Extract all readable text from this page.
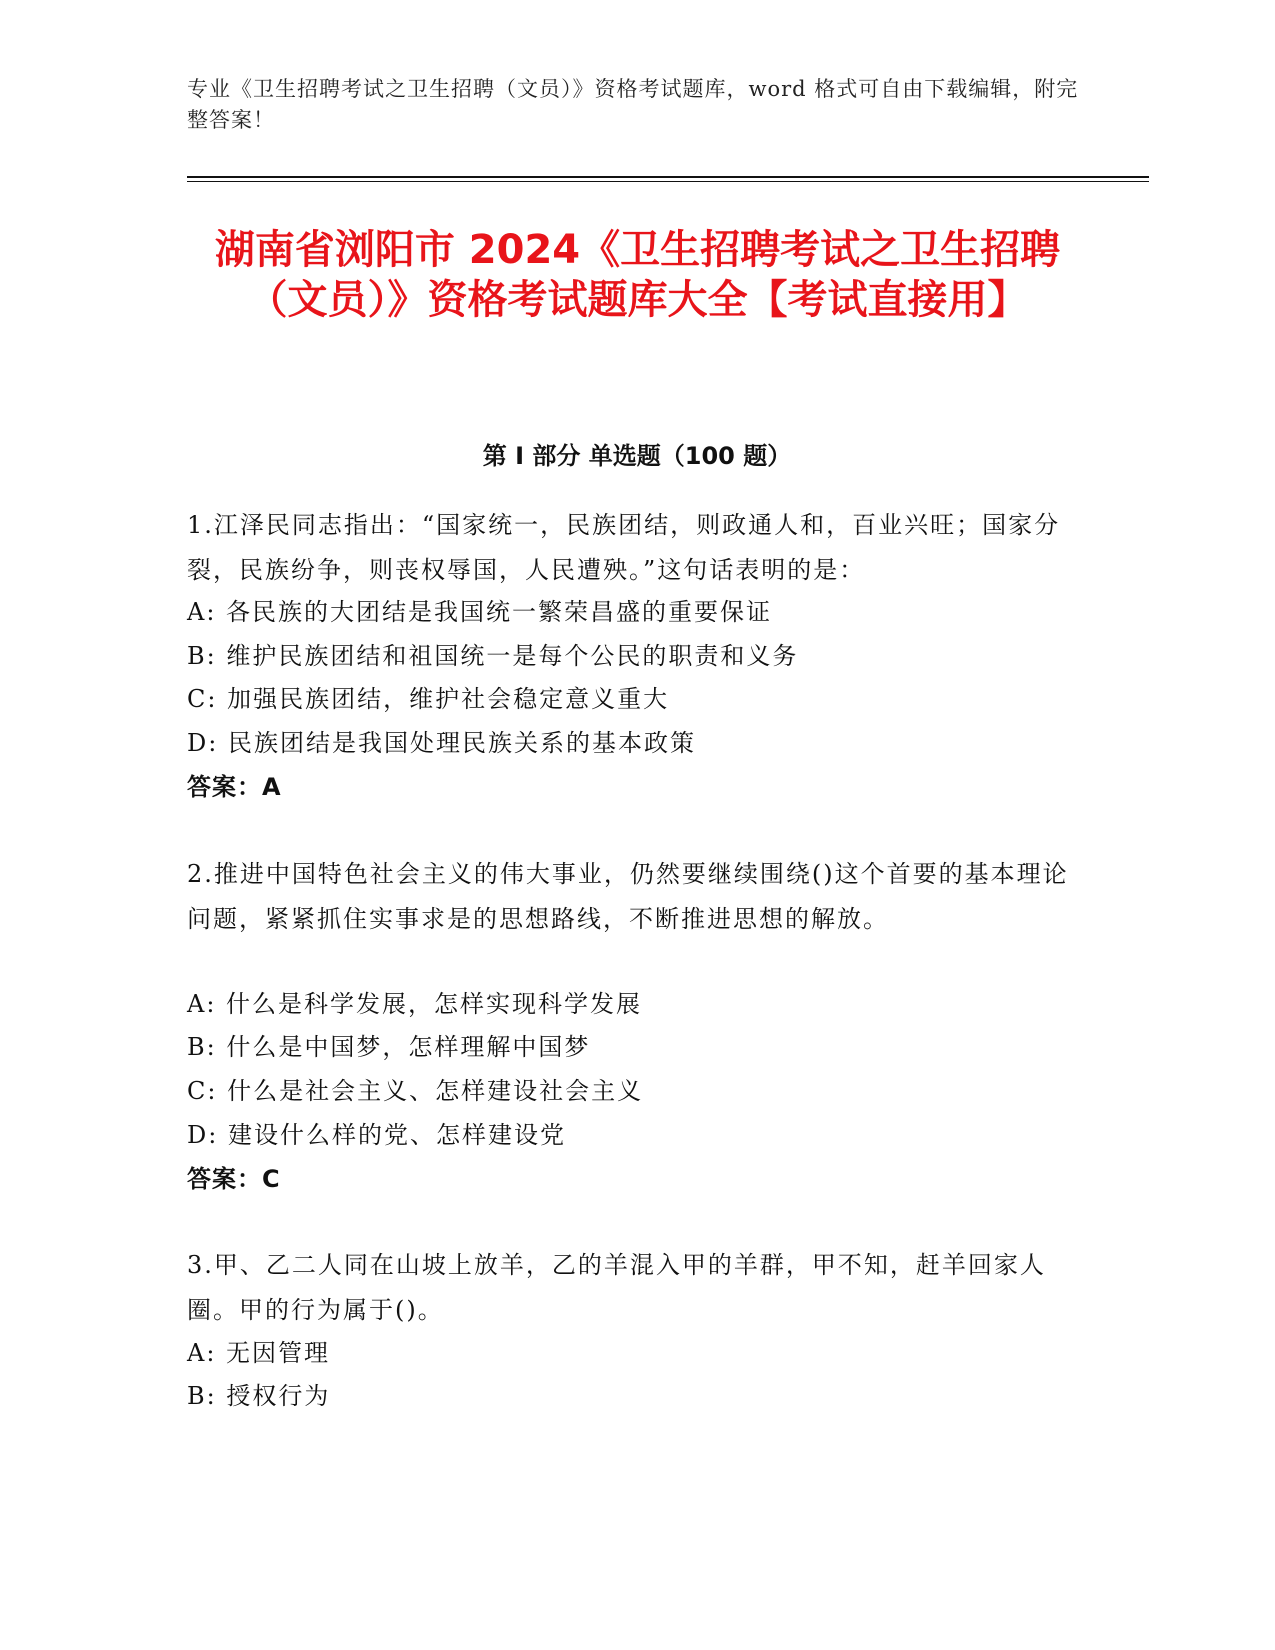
专业《卫生招聘考试之卫生招聘（文员）》资格考试题库，word 格式可自由下载编辑，附完整答案！
湖南省浏阳市 2024《卫生招聘考试之卫生招聘（文员）》资格考试题库大全【考试直接用】
第 I 部分 单选题（100 题）
1.江泽民同志指出：“国家统一，民族团结，则政通人和，百业兴旺；国家分裂，民族纷争，则丧权辱国，人民遭殃。”这句话表明的是：
A: 各民族的大团结是我国统一繁荣昌盛的重要保证
B: 维护民族团结和祖国统一是每个公民的职责和义务
C: 加强民族团结，维护社会稳定意义重大
D: 民族团结是我国处理民族关系的基本政策
答案：A
2.推进中国特色社会主义的伟大事业，仍然要继续围绕()这个首要的基本理论问题，紧紧抓住实事求是的思想路线，不断推进思想的解放。
A: 什么是科学发展，怎样实现科学发展
B: 什么是中国梦，怎样理解中国梦
C: 什么是社会主义、怎样建设社会主义
D: 建设什么样的党、怎样建设党
答案：C
3.甲、乙二人同在山坡上放羊，乙的羊混入甲的羊群，甲不知，赶羊回家人圈。甲的行为属于()。
A: 无因管理
B: 授权行为
